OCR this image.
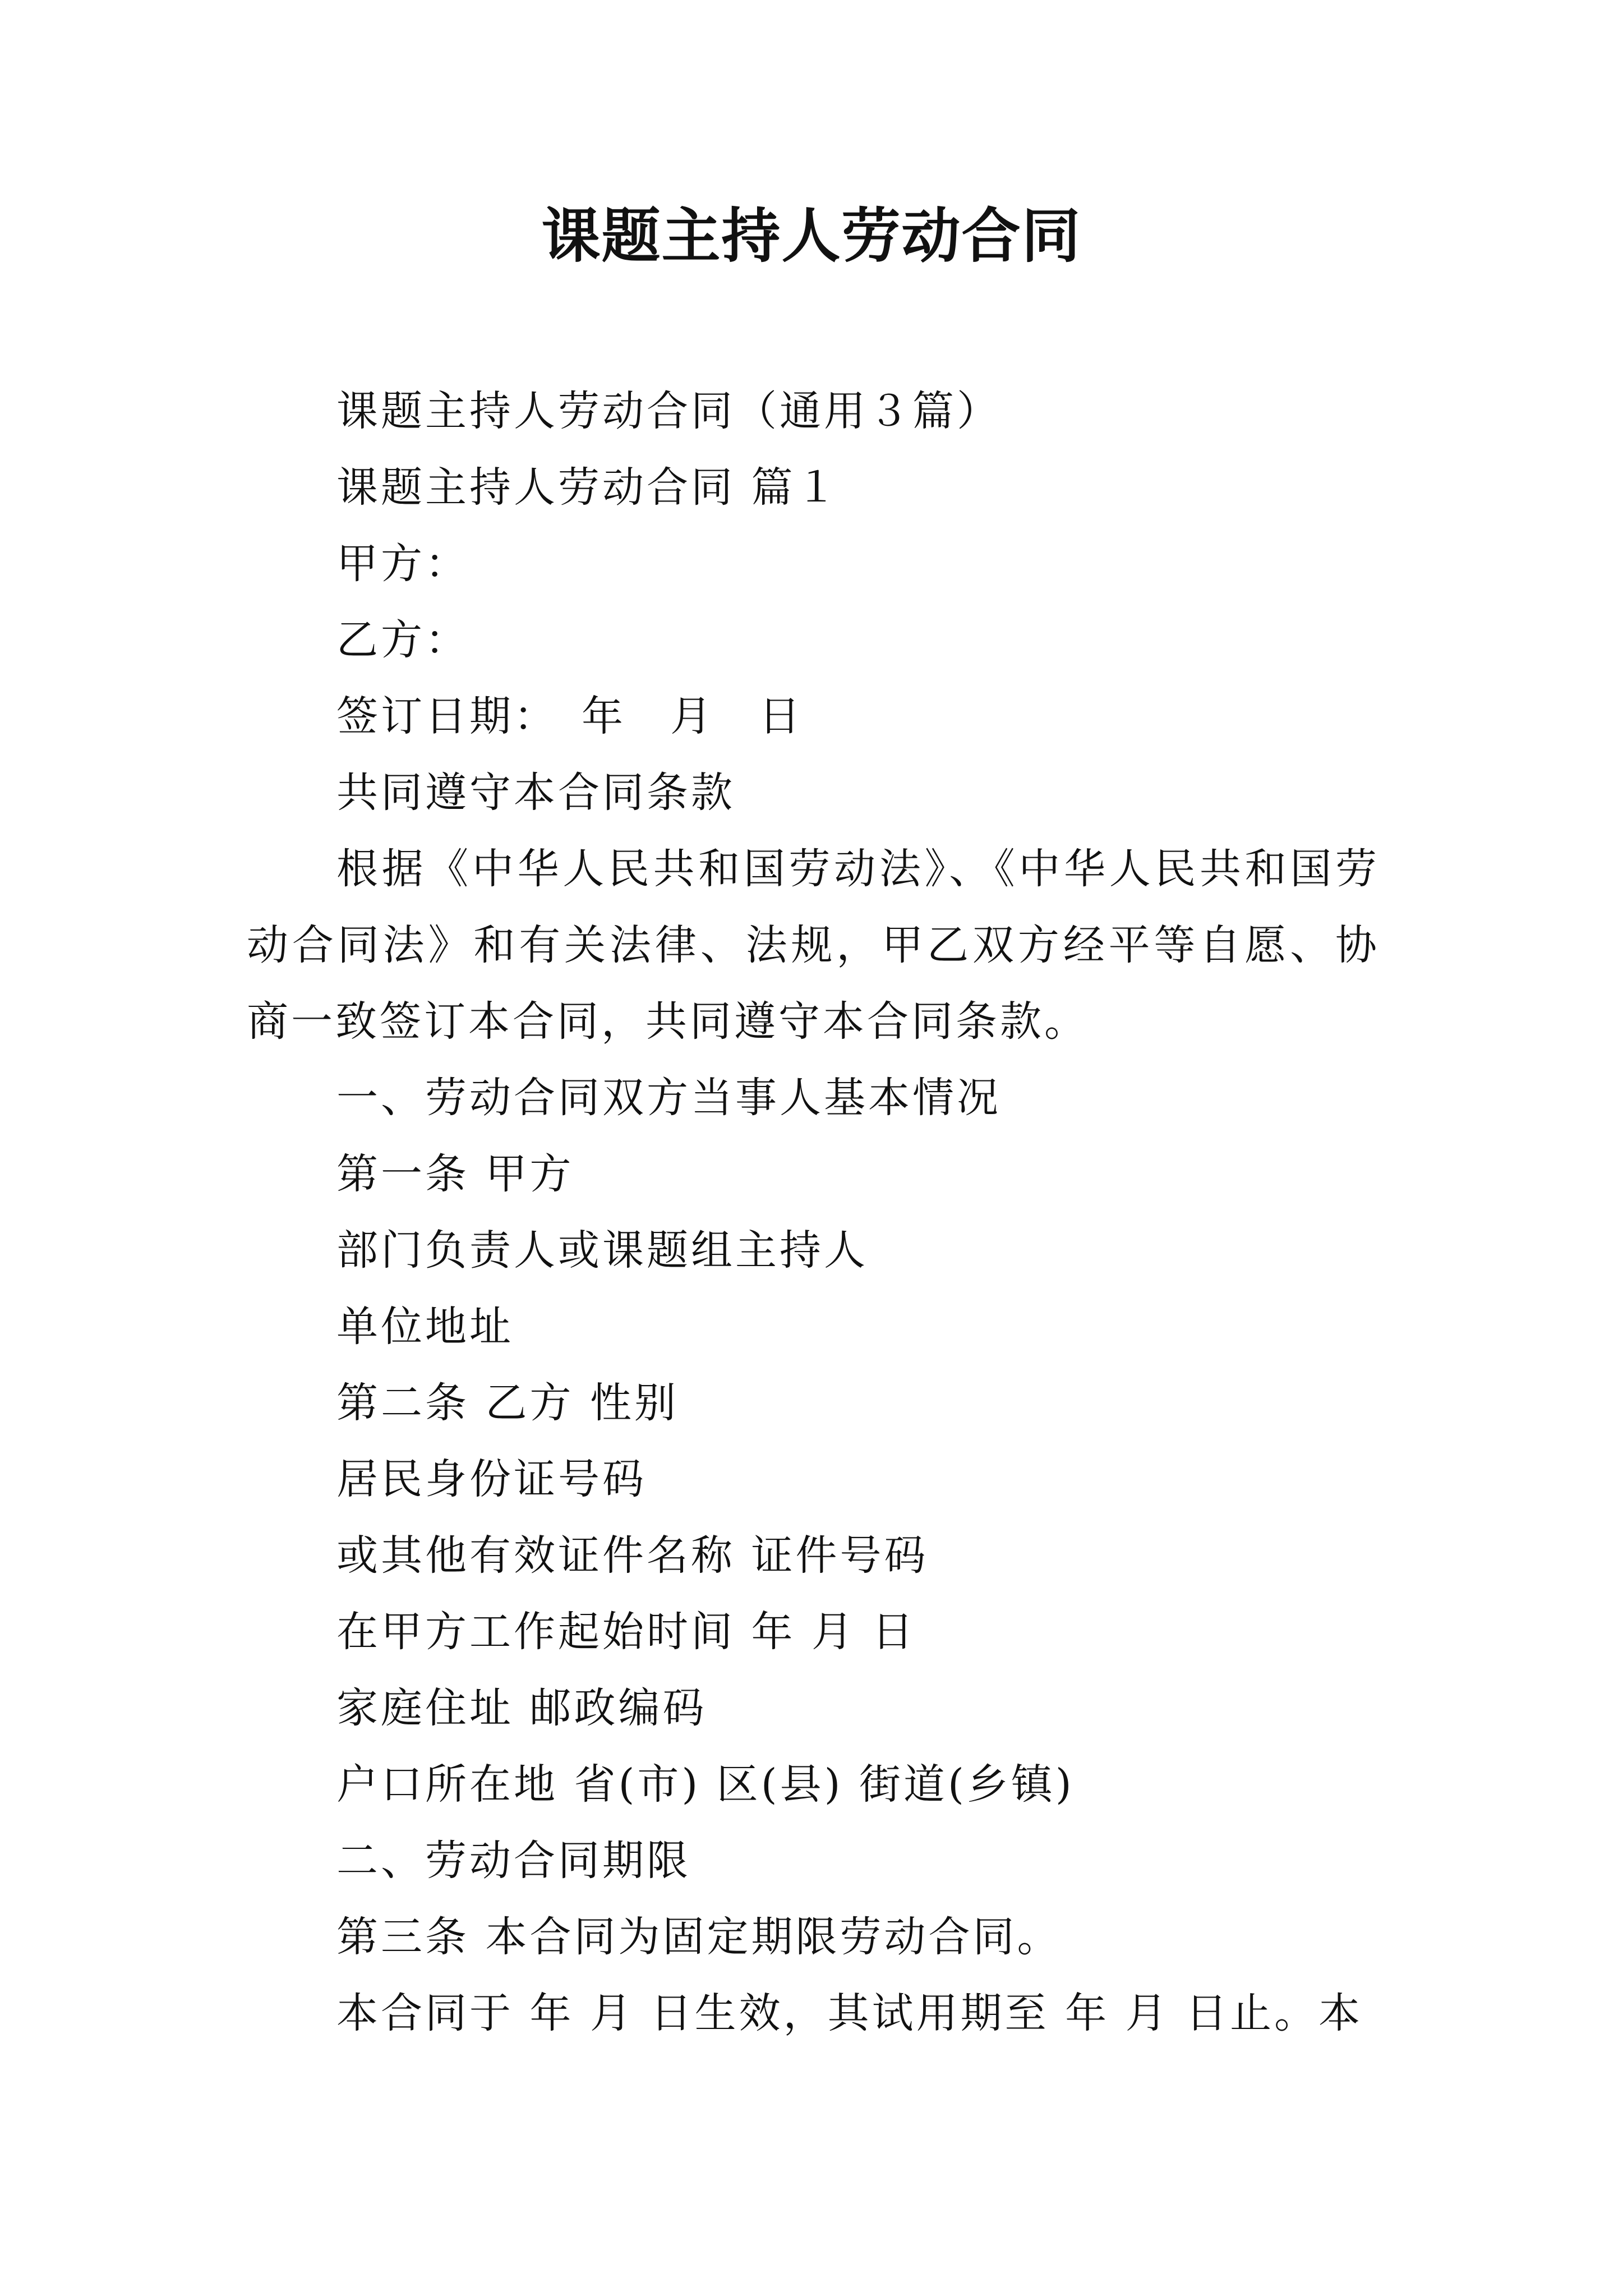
课题主持人劳动合同

课题主持人劳动合同（通用３篇）

课题主持人劳动合同 篇１

甲方：

乙方：

签订日期：　年　月　日

共同遵守本合同条款

根据《中华人民共和国劳动法》、《中华人民共和国劳动合同法》和有关法律、法规，甲乙双方经平等自愿、协商一致签订本合同，共同遵守本合同条款。

一、劳动合同双方当事人基本情况

第一条 甲方

部门负责人或课题组主持人

单位地址

第二条 乙方 性别

居民身份证号码

或其他有效证件名称 证件号码

在甲方工作起始时间 年 月 日

家庭住址 邮政编码

户口所在地 省(市) 区(县) 街道(乡镇)

二、劳动合同期限

第三条 本合同为固定期限劳动合同。

本合同于 年 月 日生效，其试用期至 年 月 日止。本
